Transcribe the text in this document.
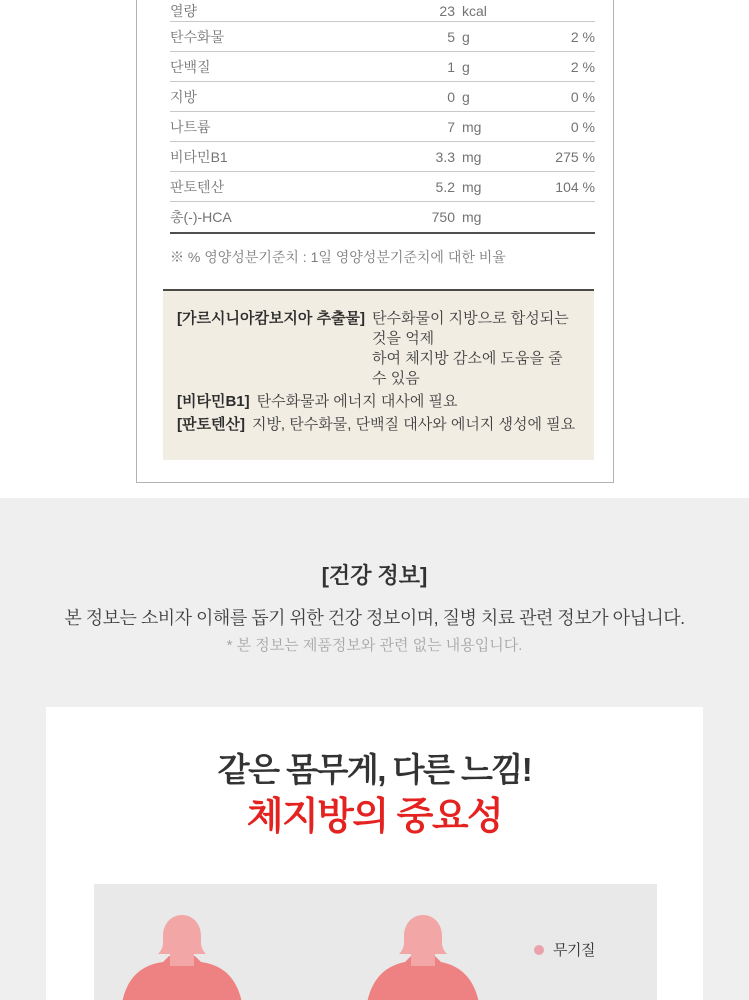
열량	23 kcal
탄수화물	5 g	2 %
단백질	1 g	2 %
지방	0 g	0 %
나트륨	7 mg	0 %
비타민B1	3.3 mg	275 %
판토텐산	5.2 mg	104 %
총(-)-HCA	750 mg
※ % 영양성분기준치 : 1일 영양성분기준치에 대한 비율
[가르시니아캄보지아 추출물] 탄수화물이 지방으로 합성되는 것을 억제
하여 체지방 감소에 도움을 줄 수 있음
[비타민B1] 탄수화물과 에너지 대사에 필요
[판토텐산] 지방, 탄수화물, 단백질 대사와 에너지 생성에 필요
[건강 정보]
본 정보는 소비자 이해를 돕기 위한 건강 정보이며, 질병 치료 관련 정보가 아닙니다.
* 본 정보는 제품정보와 관련 없는 내용입니다.
같은 몸무게, 다른 느낌!
체지방의 중요성
무기질
